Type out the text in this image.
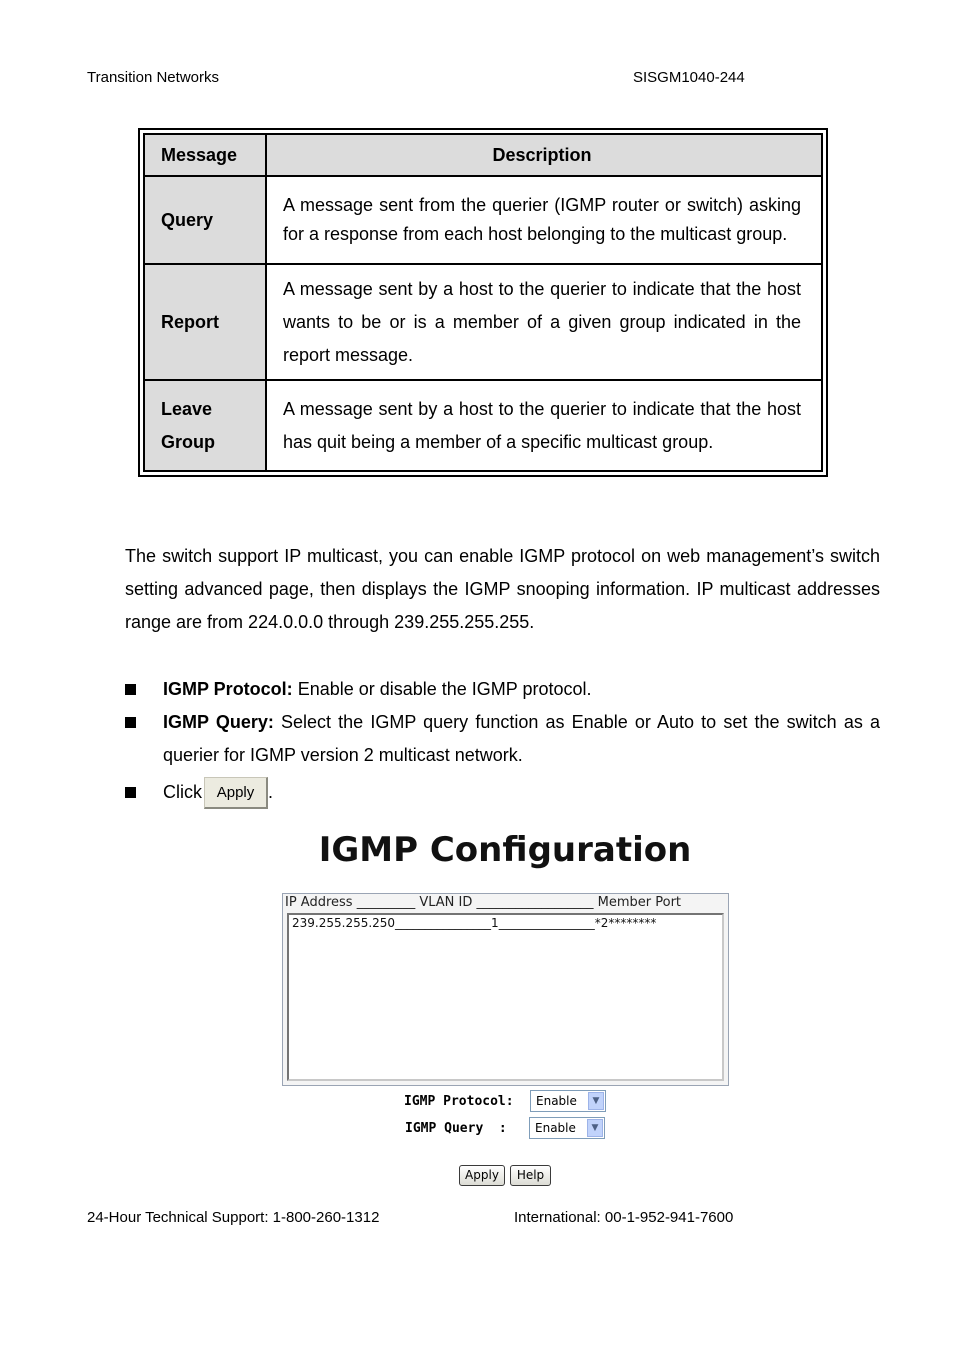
Transition Networks	SISGM1040-244
Message	Description
Query	A message sent from the querier (IGMP router or switch) asking for a response from each host belonging to the multicast group.
Report	A message sent by a host to the querier to indicate that the host wants to be or is a member of a given group indicated in the report message.

Leave
Group	A message sent by a host to the querier to indicate that the host has quit being a member of a specific multicast group.
The switch support IP multicast, you can enable IGMP protocol on web management’s switch setting advanced page, then displays the IGMP snooping information. IP multicast addresses range are from 224.0.0.0 through 239.255.255.255.
IGMP Protocol: Enable or disable the IGMP protocol.
IGMP Query: Select the IGMP query function as Enable or Auto to set the switch as a querier for IGMP version 2 multicast network.
Click Apply .
IGMP Configuration
IP Address _________ VLAN ID __________________ Member Port
239.255.255.250________________1________________*2********
IGMP Protocol: Enable	▼
IGMP Query  : Enable	▼
Apply	Help
24-Hour Technical Support: 1-800-260-1312	International: 00-1-952-941-7600
